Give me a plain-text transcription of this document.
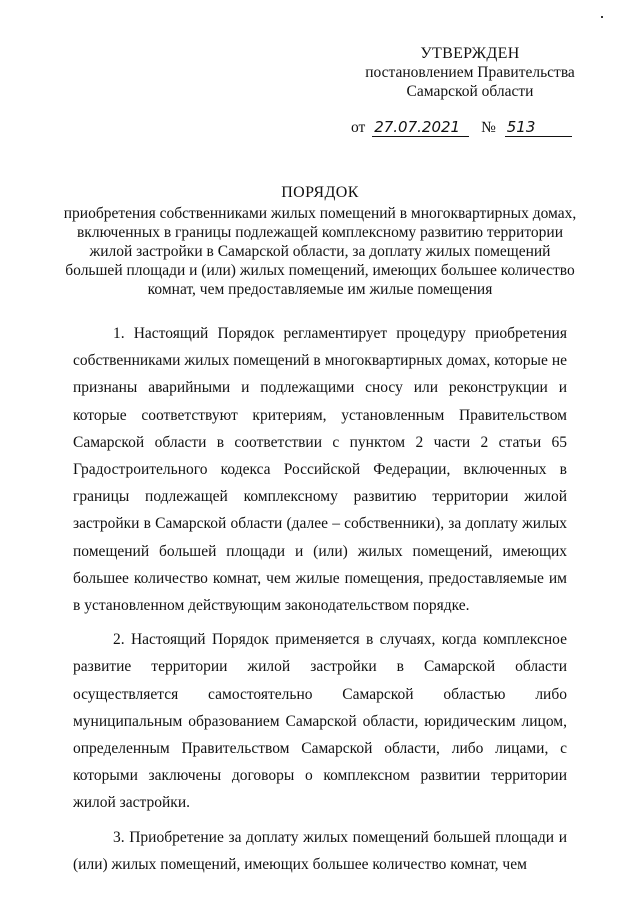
УТВЕРЖДЕН
постановлением Правительства
Самарской области
от 27.07.2021 № 513
ПОРЯДОК
приобретения собственниками жилых помещений в многоквартирных домах, включенных в границы подлежащей комплексному развитию территории жилой застройки в Самарской области, за доплату жилых помещений большей площади и (или) жилых помещений, имеющих большее количество комнат, чем предоставляемые им жилые помещения

1. Настоящий Порядок регламентирует процедуру приобретения собственниками жилых помещений в многоквартирных домах, которые не признаны аварийными и подлежащими сносу или реконструкции и которые соответствуют критериям, установленным Правительством Самарской области в соответствии с пунктом 2 части 2 статьи 65 Градостроительного кодекса Российской Федерации, включенных в границы подлежащей комплексному развитию территории жилой застройки в Самарской области (далее – собственники), за доплату жилых помещений большей площади и (или) жилых помещений, имеющих большее количество комнат, чем жилые помещения, предоставляемые им в установленном действующим законодательством порядке.

2. Настоящий Порядок применяется в случаях, когда комплексное развитие территории жилой застройки в Самарской области осуществляется самостоятельно Самарской областью либо муниципальным образованием Самарской области, юридическим лицом, определенным Правительством Самарской области, либо лицами, с которыми заключены договоры о комплексном развитии территории жилой застройки.

3. Приобретение за доплату жилых помещений большей площади и (или) жилых помещений, имеющих большее количество комнат, чем
